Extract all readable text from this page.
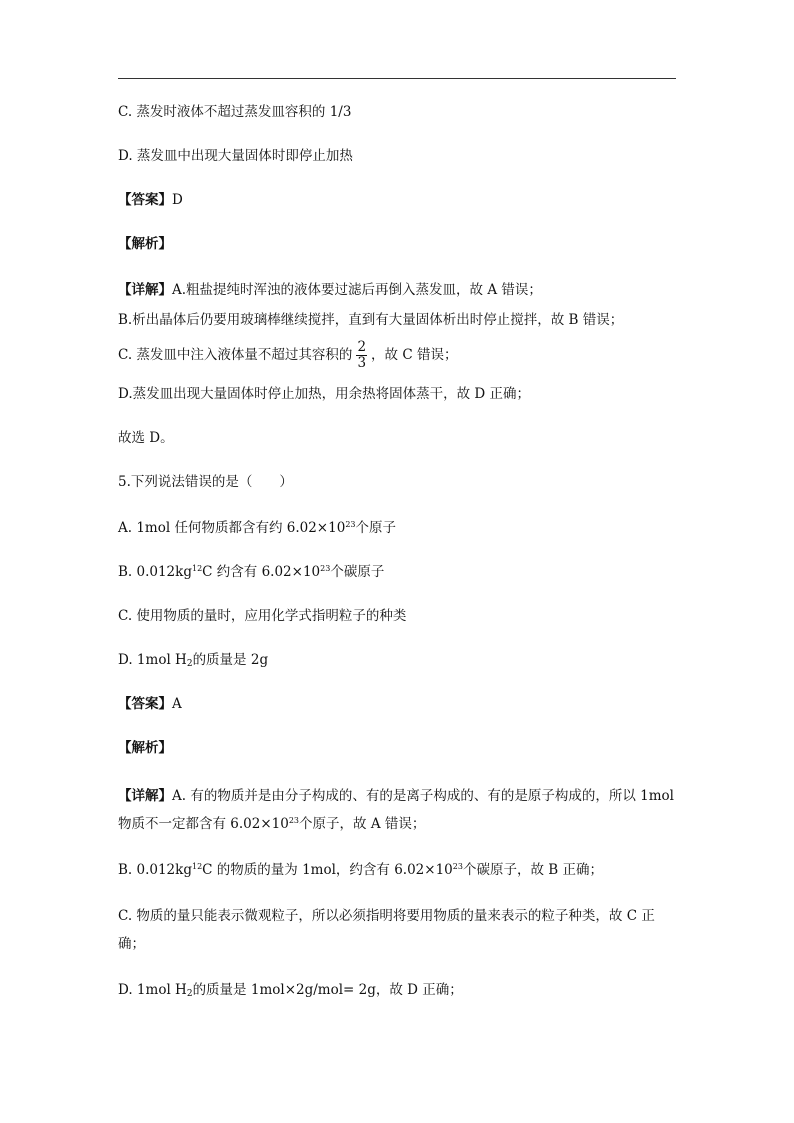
C. 蒸发时液体不超过蒸发皿容积的 1/3
D. 蒸发皿中出现大量固体时即停止加热
【答案】D
【解析】
【详解】A.粗盐提纯时浑浊的液体要过滤后再倒入蒸发皿，故 A 错误；
B.析出晶体后仍要用玻璃棒继续搅拌，直到有大量固体析出时停止搅拌，故 B 错误；
C. 蒸发皿中注入液体量不超过其容积的 $\frac{2}{3}$ ，故 C 错误；
D.蒸发皿出现大量固体时停止加热，用余热将固体蒸干，故 D 正确；
故选 D。
5.下列说法错误的是（　　）
A. 1mol 任何物质都含有约 $6.02\times 10^{23}$个原子
B. $0.012kg^{12}C$ 约含有 $6.02\times 10^{23}$个碳原子
C. 使用物质的量时，应用化学式指明粒子的种类
D. 1mol $H_2$的质量是 2g
【答案】A
【解析】
【详解】A. 有的物质并是由分子构成的、有的是离子构成的、有的是原子构成的，所以 1mol
物质不一定都含有 $6.02\times 10^{23}$个原子，故 A 错误；
B. $0.012kg^{12}C$ 的物质的量为 1mol，约含有 $6.02\times 10^{23}$个碳原子，故 B 正确；
C. 物质的量只能表示微观粒子，所以必须指明将要用物质的量来表示的粒子种类，故 C 正
确；
D. 1mol $H_2$的质量是 1mol×2g/mol= 2g，故 D 正确；
